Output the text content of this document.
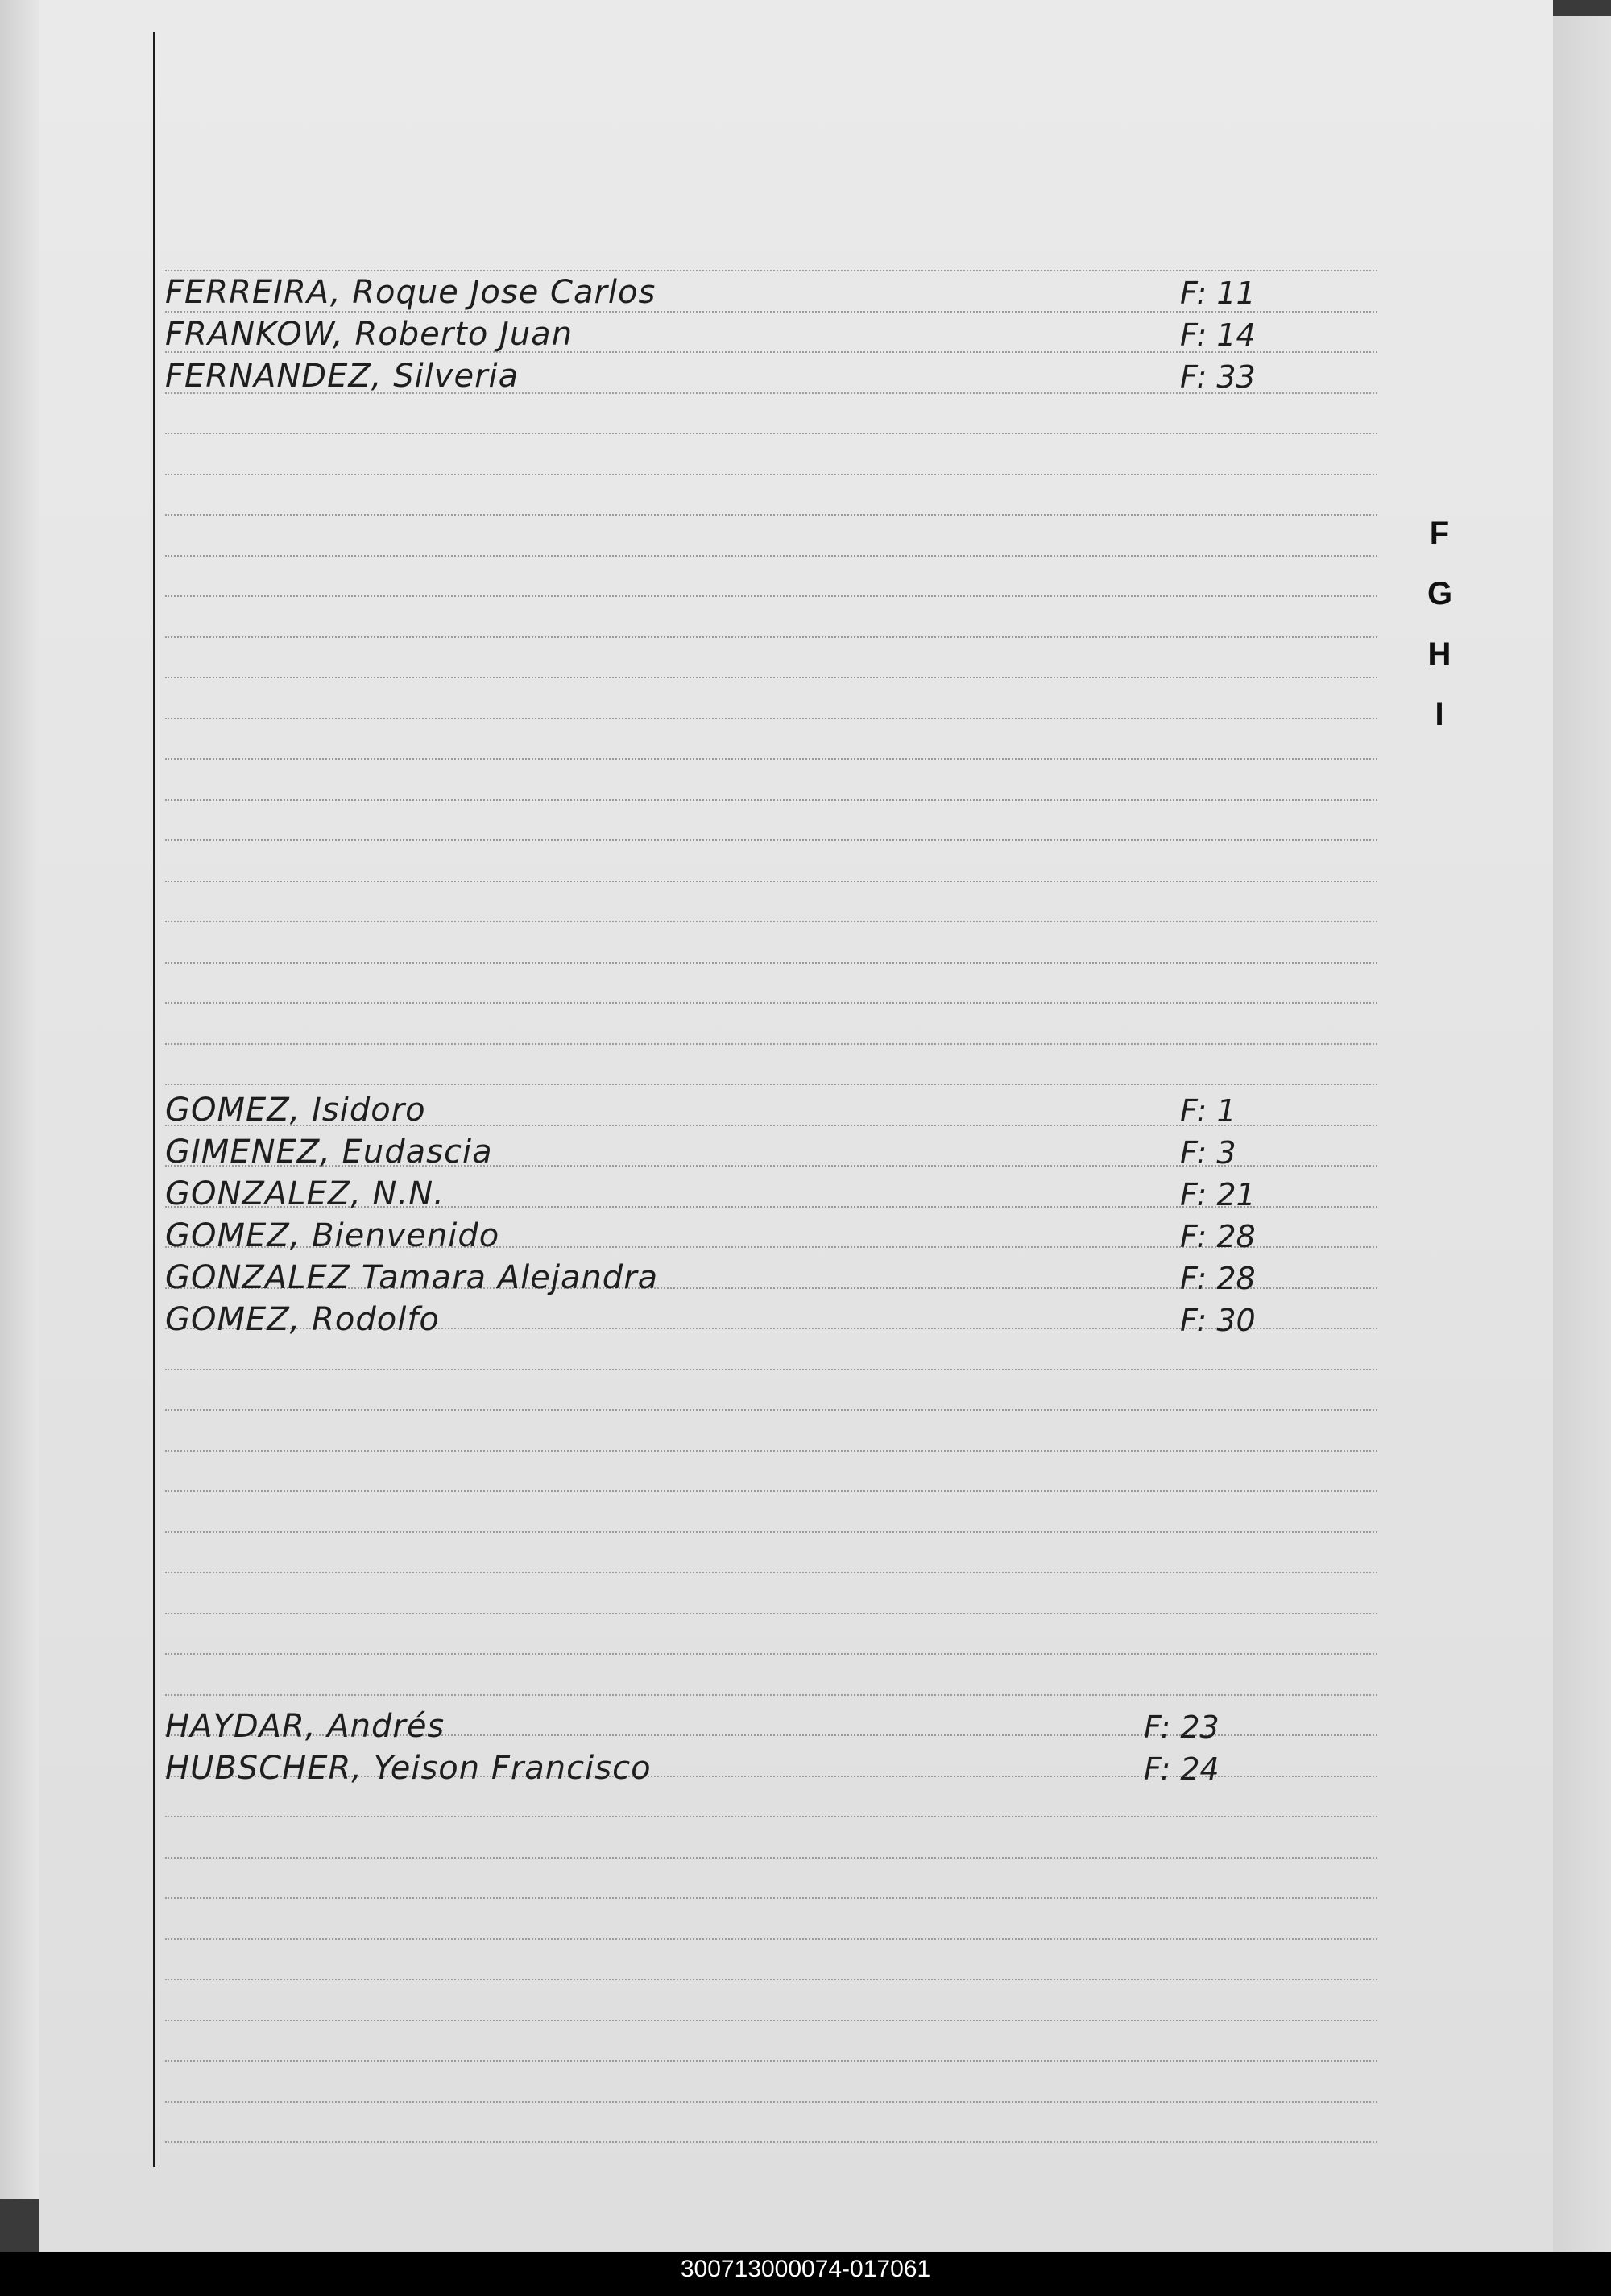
FERREIRA, Roque Jose Carlos	F: 11
FRANKOW, Roberto Juan	F: 14
FERNANDEZ, Silveria	F: 33
GOMEZ, Isidoro	F: 1
GIMENEZ, Eudascia	F: 3
GONZALEZ, N.N.	F: 21
GOMEZ, Bienvenido	F: 28
GONZALEZ Tamara Alejandra	F: 28
GOMEZ, Rodolfo	F: 30
HAYDAR, Andrés	F: 23
HUBSCHER, Yeison Francisco	F: 24
F
G
H
I
300713000074-017061
